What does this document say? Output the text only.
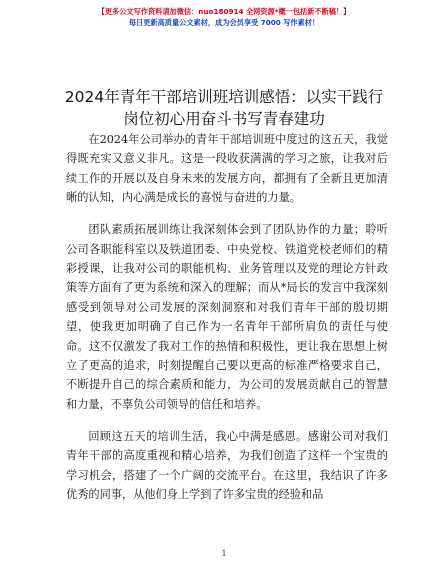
【更多公文写作资料请加微信：nuo180914 全网资源*概一包括新不断稿！】
每日更新高质量公文素材，成为会员享受 7000 写作素材！
2024年青年干部培训班培训感悟：以实干践行
岗位初心用奋斗书写青春建功

在2024年公司举办的青年干部培训班中度过的这五天，我觉得既充实又意义非凡。这是一段收获满满的学习之旅，让我对后续工作的开展以及自身未来的发展方向，都拥有了全新且更加清晰的认知，内心满是成长的喜悦与奋进的力量。

团队素质拓展训练让我深刻体会到了团队协作的力量；聆听公司各职能科室以及铁道团委、中央党校、铁道党校老师们的精彩授课，让我对公司的职能机构、业务管理以及党的理论方针政策等方面有了更为系统和深入的理解；而从*局长的发言中我深刻感受到领导对公司发展的深刻洞察和对我们青年干部的殷切期望，使我更加明确了自己作为一名青年干部所肩负的责任与使命。这不仅激发了我对工作的热情和积极性，更让我在思想上树立了更高的追求，时刻提醒自己要以更高的标准严格要求自己，不断提升自己的综合素质和能力，为公司的发展贡献自己的智慧和力量，不辜负公司领导的信任和培养。

回顾这五天的培训生活，我心中满是感恩。感谢公司对我们青年干部的高度重视和精心培养，为我们创造了这样一个宝贵的学习机会，搭建了一个广阔的交流平台。在这里，我结识了许多优秀的同事，从他们身上学到了许多宝贵的经验和品

1
